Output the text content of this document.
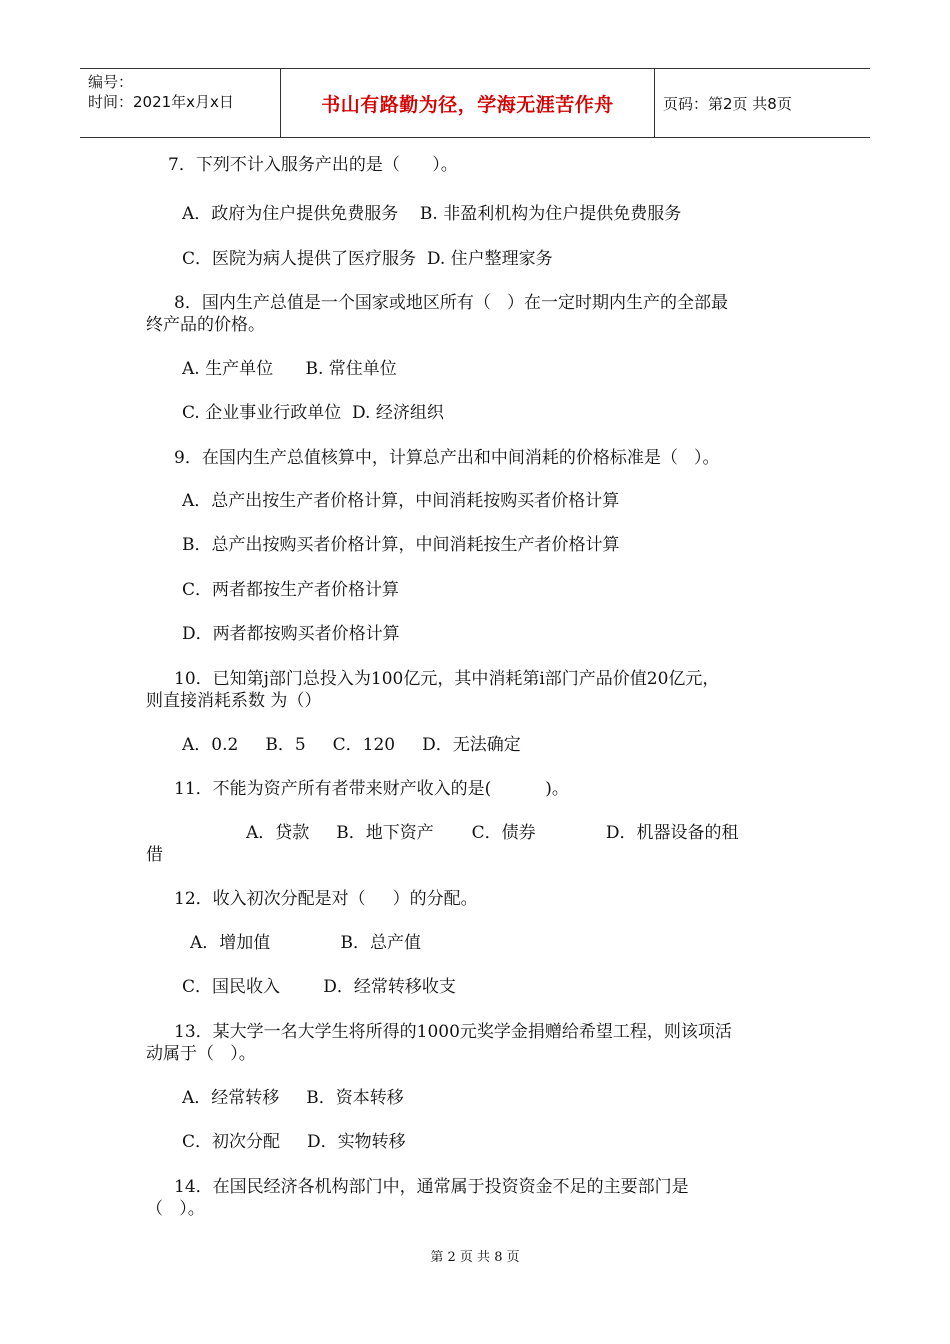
编号：
时间：2021年x月x日	书山有路勤为径，学海无涯苦作舟	页码：第2页 共8页
7．下列不计入服务产出的是（      ）。
A．政府为住户提供免费服务    B. 非盈利机构为住户提供免费服务
C．医院为病人提供了医疗服务  D. 住户整理家务
8．国内生产总值是一个国家或地区所有（   ）在一定时期内生产的全部最
终产品的价格。
A. 生产单位      B. 常住单位
C. 企业事业行政单位  D. 经济组织
9．在国内生产总值核算中，计算总产出和中间消耗的价格标准是（   ）。
A．总产出按生产者价格计算，中间消耗按购买者价格计算
B．总产出按购买者价格计算，中间消耗按生产者价格计算
C．两者都按生产者价格计算
D．两者都按购买者价格计算
10．已知第j部门总投入为100亿元，其中消耗第i部门产品价值20亿元，
则直接消耗系数 为（）
A．0.2     B．5     C．120     D．无法确定
11．不能为资产所有者带来财产收入的是(          )。
A．贷款     B．地下资产       C．债券             D．机器设备的租
借
12．收入初次分配是对（     ）的分配。
A．增加值             B．总产值
C．国民收入        D．经常转移收支
13．某大学一名大学生将所得的1000元奖学金捐赠给希望工程，则该项活
动属于（   ）。
A．经常转移     B．资本转移
C．初次分配     D．实物转移
14．在国民经济各机构部门中，通常属于投资资金不足的主要部门是
（   ）。
第 2 页 共 8 页
